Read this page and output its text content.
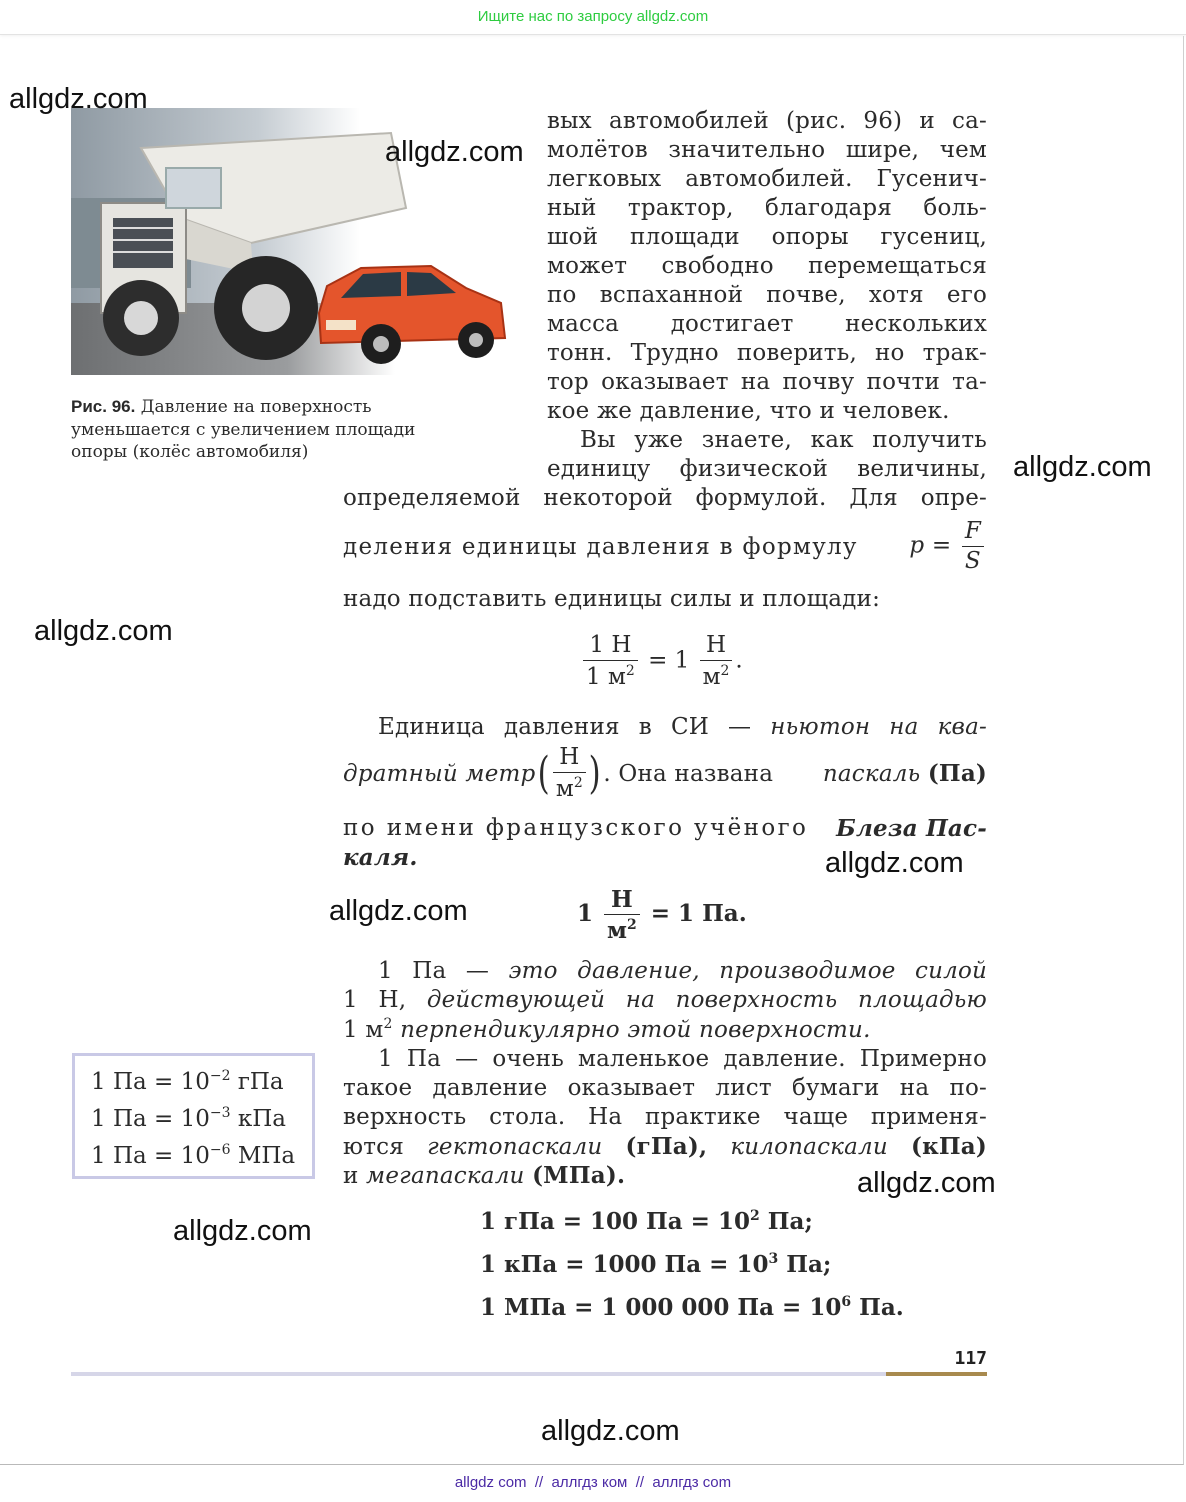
Ищите нас по запросу allgdz.com
allgdz.com
allgdz.com
allgdz.com
allgdz.com
allgdz.com
allgdz.com
allgdz.com
allgdz.com
allgdz.com
Рис. 96. Давление на поверхность уменьшается с увеличением площади опоры (колёс автомобиля)
вых автомобилей (рис. 96) и са-
молётов значительно шире, чем
легковых автомобилей. Гусенич-
ный трактор, благодаря боль-
шой площади опоры гусениц,
может свободно перемещаться
по вспаханной почве, хотя его
масса достигает нескольких
тонн. Трудно поверить, но трак-
тор оказывает на почву почти та-
кое же давление, что и человек.
Вы уже знаете, как получить
единицу физической величины,
определяемой некоторой формулой. Для опре-
деления единицы давления в формулу $p = \frac{F}{S}$
надо подставить единицы силы и площади:
$\frac{1 Н}{1 м^2} = 1 \frac{Н}{м^2}$ .
Единица давления в СИ — ньютон на ква-
дратный метр ( $\frac{Н}{м^2}$ ) . Она названа паскаль (Па)
по имени французского учёного Блеза Пас-
каля.
$1 \frac{Н}{м^2} = 1$ Па.
1 Па — это давление, производимое силой
1 Н, действующей на поверхность площадью
1 $м^2$ перпендикулярно этой поверхности.
1 Па — очень маленькое давление. Примерно
такое давление оказывает лист бумаги на по-
верхность стола. На практике чаще применя-
ются гектопаскали (гПа), килопаскали (кПа)
и мегапаскали (МПа).
1 Па = $10^{-2}$ гПа
1 Па = $10^{-3}$ кПа
1 Па = $10^{-6}$ МПа
1 гПа = 100 Па = $10^2$ Па;
1 кПа = 1000 Па = $10^3$ Па;
1 МПа = 1 000 000 Па = $10^6$ Па.
117
allgdz com  //  аллгдз ком  //  аллгдз com
